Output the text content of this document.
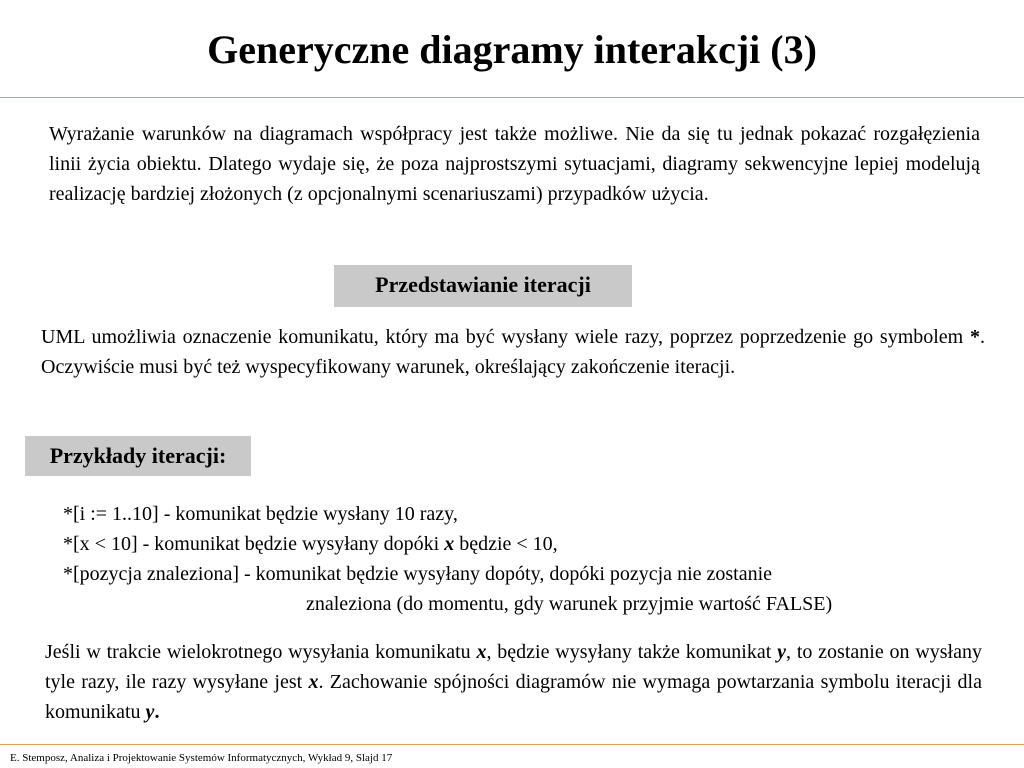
Generyczne diagramy interakcji (3)
Wyrażanie warunków na diagramach współpracy jest także możliwe. Nie da się tu jednak pokazać rozgałęzienia linii życia obiektu. Dlatego wydaje się, że poza najprostszymi sytuacjami, diagramy sekwencyjne lepiej modelują realizację bardziej złożonych (z opcjonalnymi scenariuszami) przypadków użycia.
Przedstawianie iteracji
UML umożliwia oznaczenie komunikatu, który ma być wysłany wiele razy, poprzez poprzedzenie go symbolem *. Oczywiście musi być też wyspecyfikowany warunek, określający zakończenie iteracji.
Przykłady iteracji:
*[i := 1..10] - komunikat będzie wysłany 10 razy,
*[x < 10] - komunikat będzie wysyłany dopóki x będzie < 10,
*[pozycja znaleziona] - komunikat będzie wysyłany dopóty, dopóki pozycja nie zostanie
znaleziona (do momentu, gdy warunek przyjmie wartość FALSE)
Jeśli w trakcie wielokrotnego wysyłania komunikatu x, będzie wysyłany także komunikat y, to zostanie on wysłany tyle razy, ile razy wysyłane jest x. Zachowanie spójności diagramów nie wymaga powtarzania symbolu iteracji dla komunikatu y.
E. Stemposz, Analiza i Projektowanie Systemów Informatycznych, Wykład 9, Slajd 17
